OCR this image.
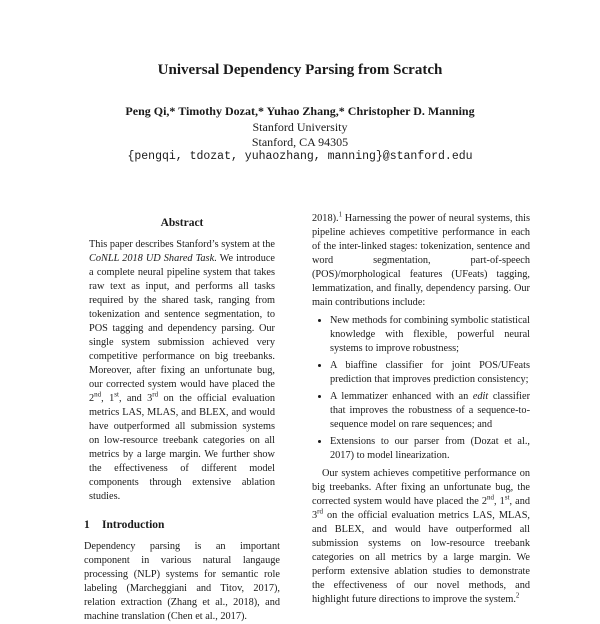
Universal Dependency Parsing from Scratch
Peng Qi,* Timothy Dozat,* Yuhao Zhang,* Christopher D. Manning
Stanford University
Stanford, CA 94305
{pengqi, tdozat, yuhaozhang, manning}@stanford.edu
Abstract
This paper describes Stanford’s system at the CoNLL 2018 UD Shared Task. We introduce a complete neural pipeline system that takes raw text as input, and performs all tasks required by the shared task, ranging from tokenization and sentence segmentation, to POS tagging and dependency parsing. Our single system submission achieved very competitive performance on big treebanks. Moreover, after fixing an unfortunate bug, our corrected system would have placed the 2nd, 1st, and 3rd on the official evaluation metrics LAS, MLAS, and BLEX, and would have outperformed all submission systems on low-resource treebank categories on all metrics by a large margin. We further show the effectiveness of different model components through extensive ablation studies.
1 Introduction

Dependency parsing is an important component in various natural langauge processing (NLP) systems for semantic role labeling (Marcheggiani and Titov, 2017), relation extraction (Zhang et al., 2018), and machine translation (Chen et al., 2017).

2018).$^1$ Harnessing the power of neural systems, this pipeline achieves competitive performance in each of the inter-linked stages: tokenization, sentence and word segmentation, part-of-speech (POS)/morphological features (UFeats) tagging, lemmatization, and finally, dependency parsing. Our main contributions include:

• New methods for combining symbolic statistical knowledge with flexible, powerful neural systems to improve robustness;
• A biaffine classifier for joint POS/UFeats prediction that improves prediction consistency;
• A lemmatizer enhanced with an edit classifier that improves the robustness of a sequence-to-sequence model on rare sequences; and
• Extensions to our parser from (Dozat et al., 2017) to model linearization.

Our system achieves competitive performance on big treebanks. After fixing an unfortunate bug, the corrected system would have placed the 2nd, 1st, and 3rd on the official evaluation metrics LAS, MLAS, and BLEX, and would have outperformed all submission systems on low-resource treebank categories on all metrics by a large margin. We perform extensive ablation studies to demonstrate the effectiveness of our novel methods, and highlight future directions to improve the system.$^2$
